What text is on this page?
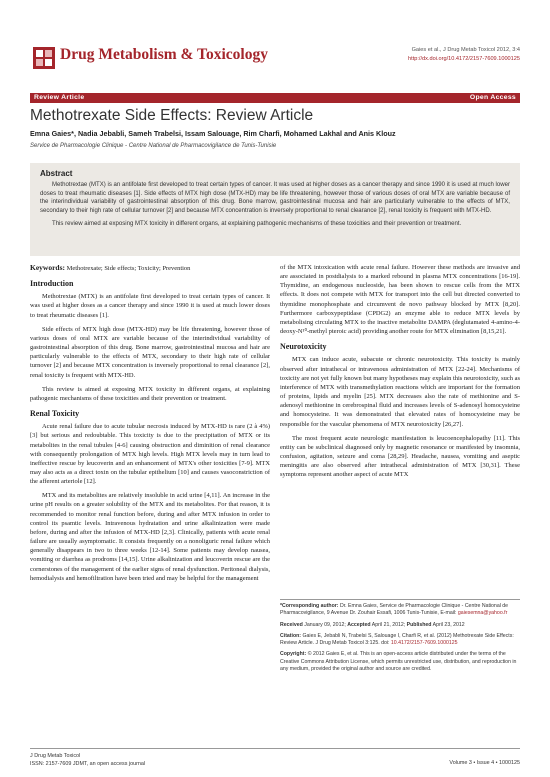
Drug Metabolism & Toxicology	Gaies et al., J Drug Metab Toxicol 2012, 3:4
http://dx.doi.org/10.4172/2157-7609.1000125
Review Article	Open Access
Methotrexate Side Effects: Review Article
Emna Gaies*, Nadia Jebabli, Sameh Trabelsi, Issam Salouage, Rim Charfi, Mohamed Lakhal and Anis Klouz
Service de Pharmacologie Clinique - Centre National de Pharmacovigilance de Tunis-Tunisie
Abstract

Methotrextae (MTX) is an antifolate first developed to treat certain types of cancer. It was used at higher doses as a cancer therapy and since 1990 it is used at much lower doses to treat rheumatic diseases [1]. Side effects of MTX high dose (MTX-HD) may be life threatening, however those of various doses of oral MTX are variable because of the interindividual variability of gastrointestinal absorption of this drug. Bone marrow, gastrointestinal mucosa and hair are particularly vulnerable to the effects of MTX, secondary to their high rate of cellular turnover [2] and because MTX concentration is inversely proportional to renal clearance [2], renal toxicity is frequent with MTX-HD.

This review aimed at exposing MTX toxicity in different organs, at explaining pathogenic mechanisms of these toxicities and their prevention or treatment.

Keywords: Methotrexate; Side effects; Toxicity; Prevention
Introduction

Methotrextae (MTX) is an antifolate first developed to treat certain types of cancer. It was used at higher doses as a cancer therapy and since 1990 it is used at much lower doses to treat rheumatic diseases [1].

Side effects of MTX high dose (MTX-HD) may be life threatening, however those of various doses of oral MTX are variable because of the interindividual variability of gastrointestinal absorption of this drug. Bone marrow, gastrointestinal mucosa and hair are particularly vulnerable to the effects of MTX, secondary to their high rate of cellular turnover [2] and because MTX concentration is inversely proportional to renal clearance [2], renal toxicity is frequent with MTX-HD.

This review is aimed at exposing MTX toxicity in different organs, at explaining pathogenic mechanisms of these toxicities and their prevention or treatment.

Renal Toxicity

Acute renal failure due to acute tubular necrosis induced by MTX-HD is rare (2 à 4%) [3] but serious and redoubtable. This toxicity is due to the precipitation of MTX or its metabolites in the renal tubules [4-6] causing obstruction and diminition of renal clearance with consequently prolongation of MTX high levels. High MTX levels may in turn lead to ineffective rescue by leucoverin and an enhancement of MTX's other toxicities [7-9]. MTX may also acts as a direct toxin on the tubular epithelium [10] and causes vasoconstriction of the afferent arteriole [12].

MTX and its metabolites are relatively insoluble in acid urine [4,11]. An increase in the urine pH results on a greater solubility of the MTX and its metabolites. For that reason, it is recommended to monitor renal function before, during and after MTX infusion in order to control its psamtic levels. Intravenous hydratation and urine alkalinization were made before, during and after the infusion of MTX-HD [2,3]. Clinically, patients with acute renal failure are usually asymptomatic. It consists frequently on a nonoliguric renal failure which generally disappears in two to three weeks [12-14]. Some patients may develop nausea, vomiting or diarrhea as prodroms [14,15]. Urine alkalinization and leucoverin rescue are the cornerstones of the management of the earlier signs of renal dysfunction. Peritoneal dialysis, hemodialysis and hemofiltration have been tried and may be helpful for the management

of the MTX intoxication with acute renal failure. However these methods are invasive and are associated in postdialysis to a marked rebound in plasma MTX concentrations [16-19]. Thymidine, an endogenous nucleoside, has been shown to rescue cells from the MTX effects. It does not compete with MTX for transport into the cell but directed converted to thymidine monophosphate and circumvent de novo pathway blocked by MTX [8,20]. Furthermore carboxypeptidase (CPDG2) an enzyme able to reduce MTX levels by metabolising circulating MTX to the inactive metabolite DAMPA (deglutamated 4-amino-4-deoxy-N¹⁰-methyl pteroic acid) providing another route for MTX elimination [8,15,21].

Neurotoxicity

MTX can induce acute, subacute or chronic neurotoxicity. This toxicity is mainly observed after intrathecal or intravenous administration of MTX [22-24]. Mechanisms of toxicity are not yet fully known but many hypotheses may explain this neurotoxicity, such as interference of MTX with transmethylation reactions which are important for the formation of proteins, lipids and myelin [25]. MTX decreases also the rate of methionine and S-adenosyl methionine in cerebrospinal fluid and increases levels of S-adenosyl homocysteine and homocysteine. It was demonstrated that elevated rates of homocysteine may be responsible for the vascular phenomena of MTX neurotoxicity [26,27].

The most frequent acute neurologic manifestation is leucoencephalopathy [11]. This entity can be subclinical diagnosed only by magnetic resonance or manifested by insomnia, confusion, agitation, seizure and coma [28,29]. Headache, nausea, vomiting and aseptic meningitis are also observed after intrathecal administration of MTX [30,31]. These symptoms represent another aspect of acute MTX

*Corresponding author: Dr. Emna Gaies, Service de Pharmacologie Clinique - Centre National de Pharmacovigilance, 9 Avenue Dr. Zouhair Essafi, 1006 Tunis-Tunisie, E-mail: gaiesemna@yahoo.fr
Received January 09, 2012; Accepted April 21, 2012; Published April 23, 2012
Citation: Gaies E, Jebabli N, Trabelsi S, Salouage I, Charfi R, et al. (2012) Methotrexate Side Effects: Review Article. J Drug Metab Toxicol 3:125. doi: 10.4172/2157-7609.1000125
Copyright: © 2012 Gaies E, et al. This is an open-access article distributed under the terms of the Creative Commons Attribution License, which permits unrestricted use, distribution, and reproduction in any medium, provided the original author and source are credited.
J Drug Metab Toxicol
ISSN: 2157-7609 JDMT, an open access journal	Volume 3 • Issue 4 • 1000125
